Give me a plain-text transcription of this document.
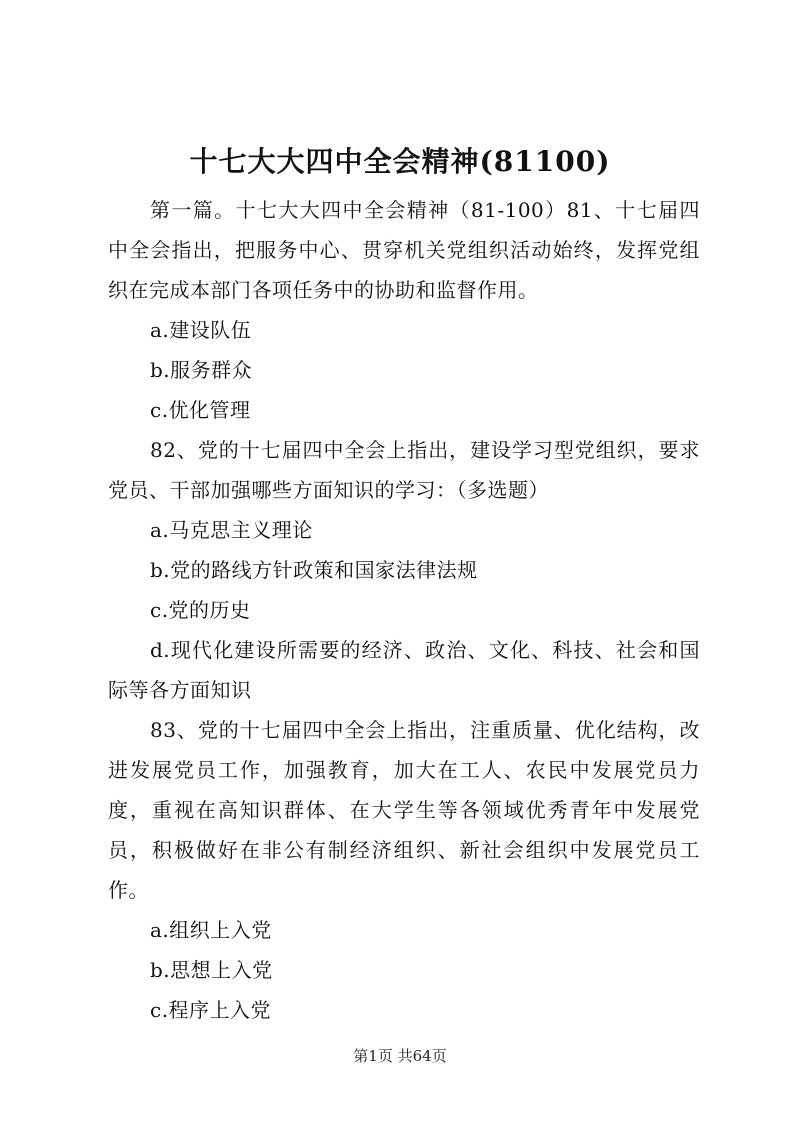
十七大大四中全会精神(81100)

第一篇。十七大大四中全会精神（81-100）81、十七届四中全会指出，把服务中心、贯穿机关党组织活动始终，发挥党组织在完成本部门各项任务中的协助和监督作用。

a.建设队伍

b.服务群众

c.优化管理

82、党的十七届四中全会上指出，建设学习型党组织，要求党员、干部加强哪些方面知识的学习：（多选题）

a.马克思主义理论

b.党的路线方针政策和国家法律法规

c.党的历史

d.现代化建设所需要的经济、政治、文化、科技、社会和国际等各方面知识

83、党的十七届四中全会上指出，注重质量、优化结构，改进发展党员工作，加强教育，加大在工人、农民中发展党员力度，重视在高知识群体、在大学生等各领域优秀青年中发展党员，积极做好在非公有制经济组织、新社会组织中发展党员工作。

a.组织上入党

b.思想上入党

c.程序上入党

第1页 共64页
